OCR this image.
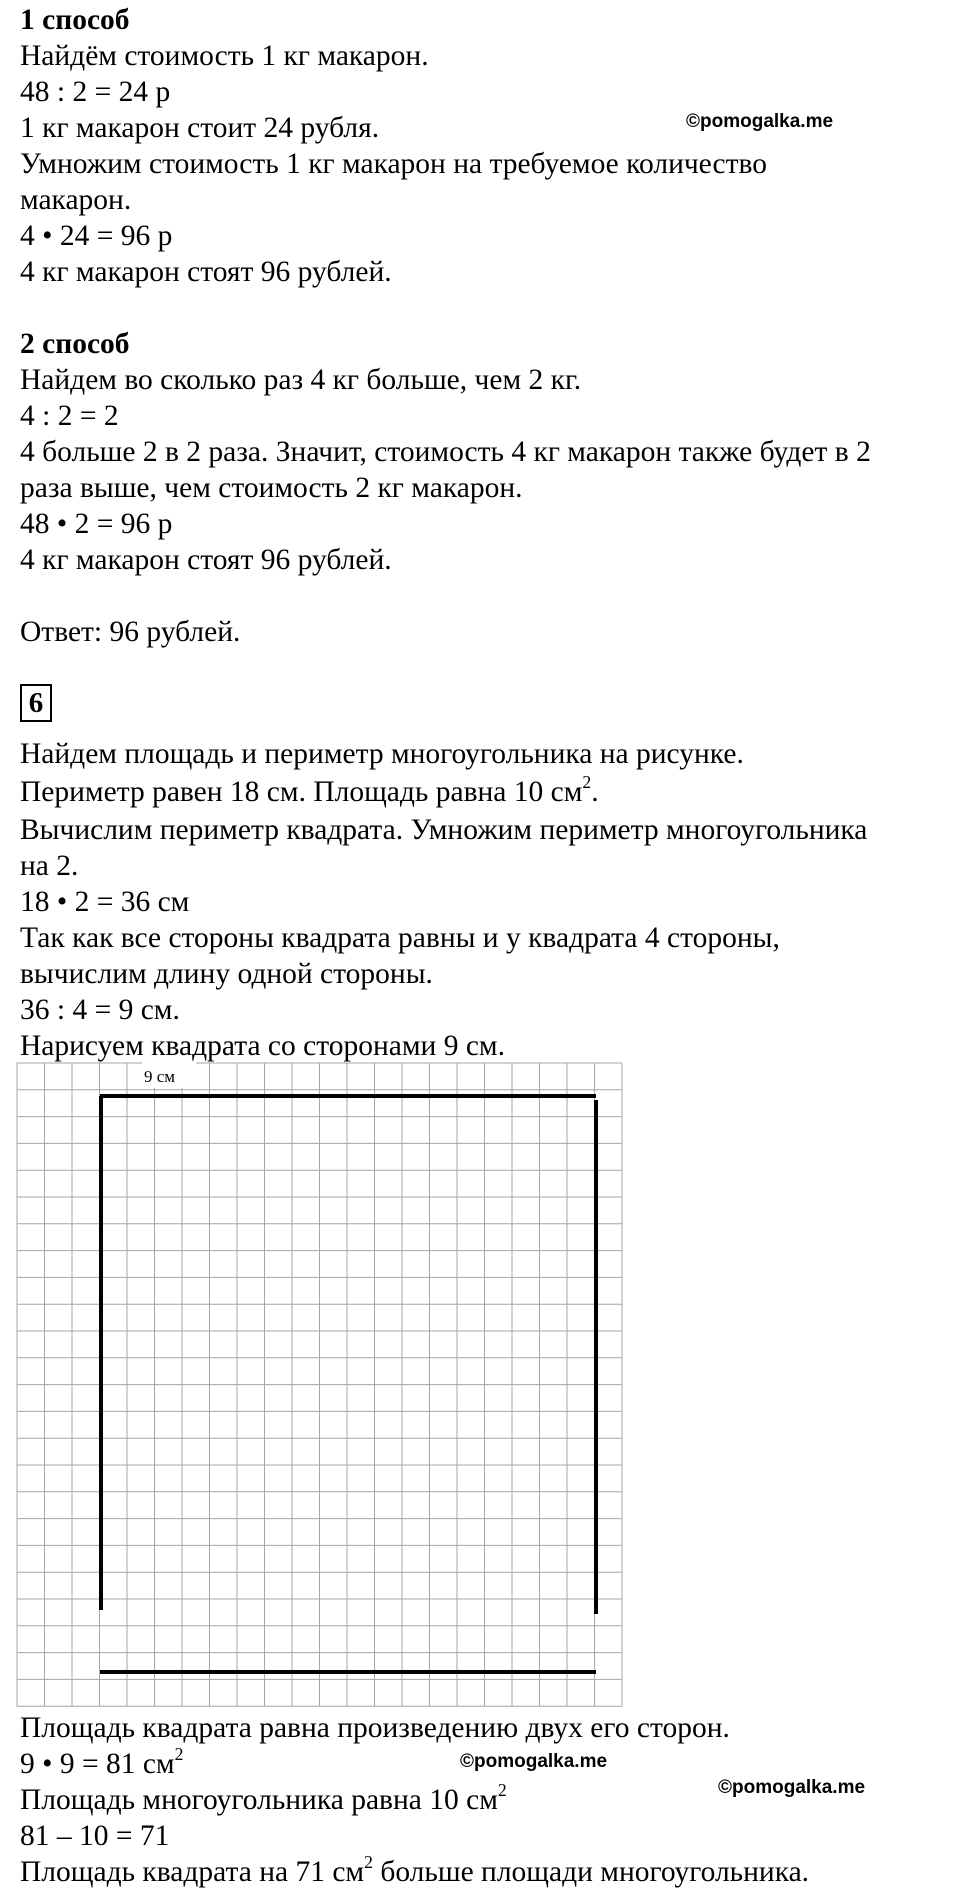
1 способ

Найдём стоимость 1 кг макарон.

48 : 2 = 24 р

1 кг макарон стоит 24 рубля.

Умножим стоимость 1 кг макарон на требуемое количество

макарон.

4 • 24 = 96 р

4 кг макарон стоят 96 рублей.

©pomogalka.me

2 способ

Найдем во сколько раз 4 кг больше, чем 2 кг.

4 : 2 = 2

4 больше 2 в 2 раза. Значит, стоимость 4 кг макарон также будет в 2

раза выше, чем стоимость 2 кг макарон.

48 • 2 = 96 р

4 кг макарон стоят 96 рублей.

Ответ: 96 рублей.

6

Найдем площадь и периметр многоугольника на рисунке.

Периметр равен 18 см. Площадь равна 10 $см^2$.

Вычислим периметр квадрата. Умножим периметр многоугольника

на 2.

18 • 2 = 36 см

Так как все стороны квадрата равны и у квадрата 4 стороны,

вычислим длину одной стороны.

36 : 4 = 9 см.

Нарисуем квадрата со сторонами 9 см.

9 см

Площадь квадрата равна произведению двух его сторон.

9 • 9 = 81 $см^2$

Площадь многоугольника равна 10 $см^2$

81 – 10 = 71

Площадь квадрата на 71 $см^2$ больше площади многоугольника.

©pomogalka.me
©pomogalka.me
